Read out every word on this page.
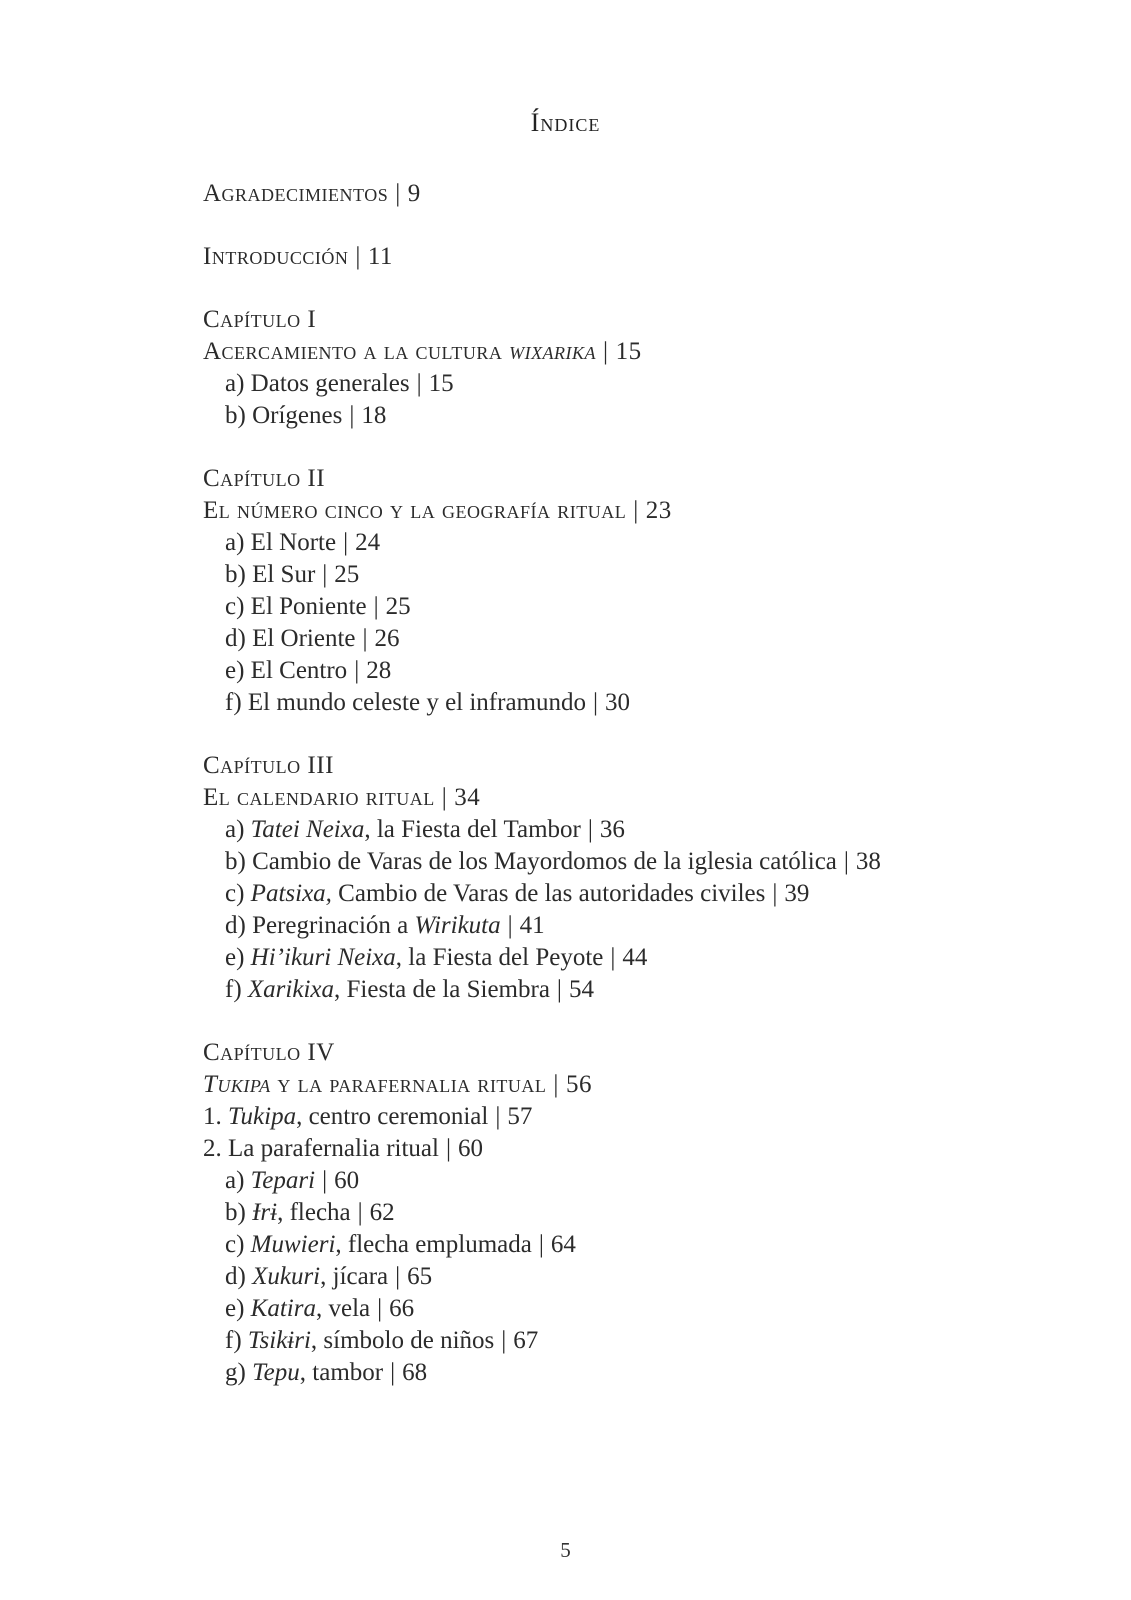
Índice
Agradecimientos | 9
Introducción | 11
Capítulo I
Acercamiento a la cultura wixarika | 15
a) Datos generales | 15
b) Orígenes | 18
Capítulo II
El número cinco y la geografía ritual | 23
a) El Norte | 24
b) El Sur | 25
c) El Poniente | 25
d) El Oriente | 26
e) El Centro | 28
f) El mundo celeste y el inframundo | 30
Capítulo III
El calendario ritual | 34
a) Tatei Neixa, la Fiesta del Tambor | 36
b) Cambio de Varas de los Mayordomos de la iglesia católica | 38
c) Patsixa, Cambio de Varas de las autoridades civiles | 39
d) Peregrinación a Wirikuta | 41
e) Hi’ikuri Neixa, la Fiesta del Peyote | 44
f) Xarikixa, Fiesta de la Siembra | 54
Capítulo IV
Tukipa y la parafernalia ritual | 56
1. Tukipa, centro ceremonial | 57
2. La parafernalia ritual | 60
a) Tepari | 60
b) Ɨrɨ, flecha | 62
c) Muwieri, flecha emplumada | 64
d) Xukuri, jícara | 65
e) Katira, vela | 66
f) Tsikɨri, símbolo de niños | 67
g) Tepu, tambor | 68
5
